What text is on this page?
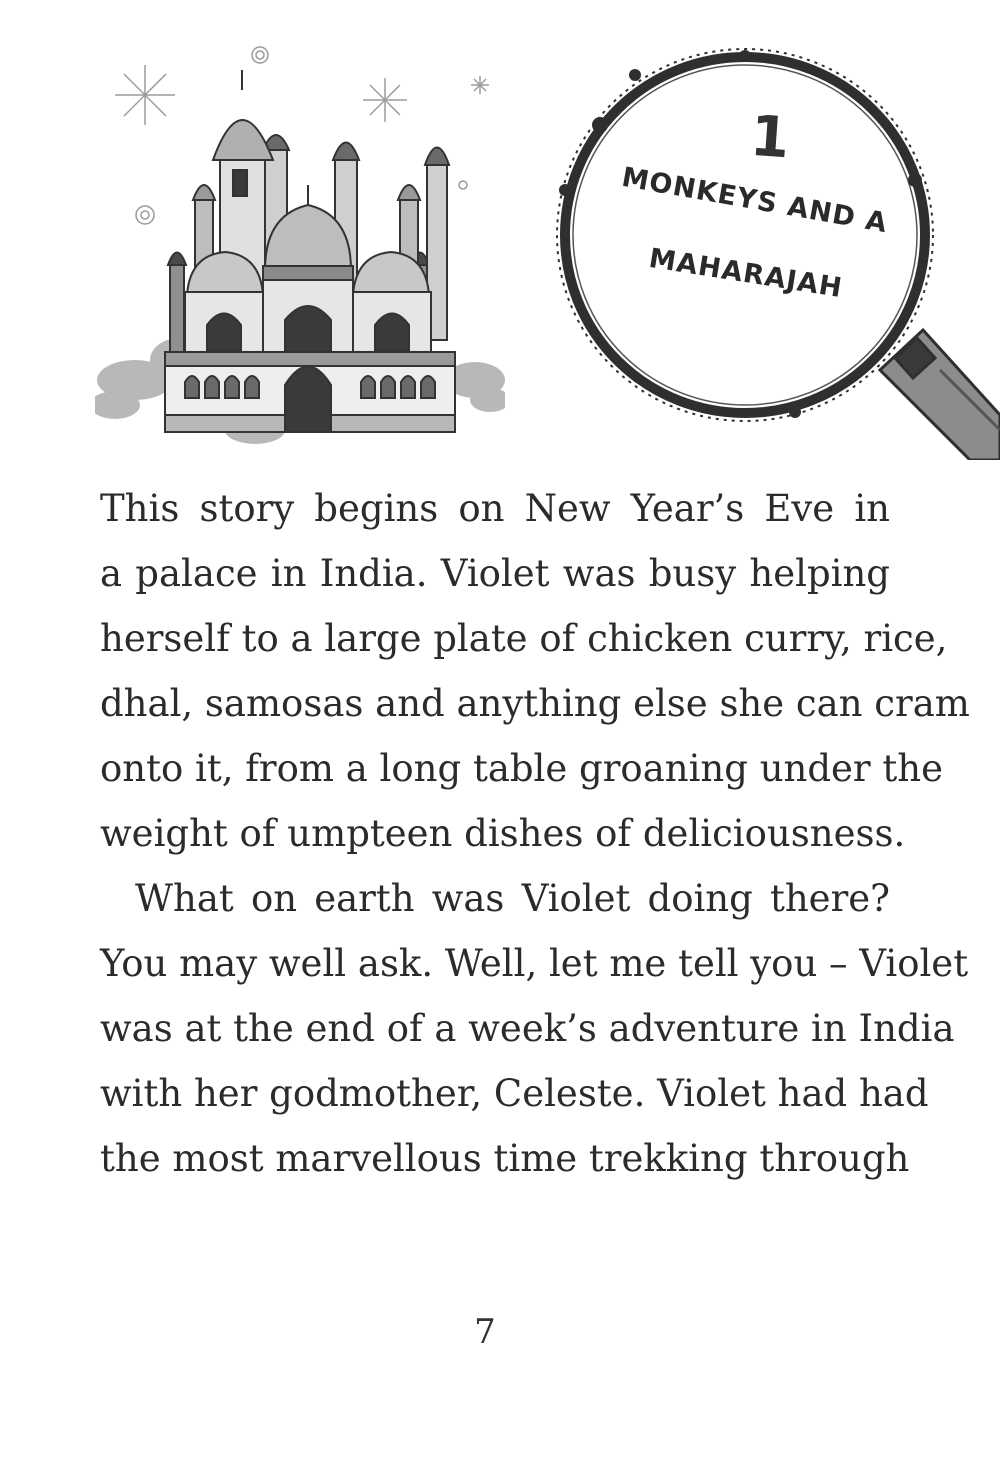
1
MONKEYS AND A
MAHARAJAH
This story begins on New Year’s Eve in
a palace in India. Violet was busy helping
herself to a large plate of chicken curry, rice,
dhal, samosas and anything else she can cram
onto it, from a long table groaning under the
weight of umpteen dishes of deliciousness.
What on earth was Violet doing there?
You may well ask. Well, let me tell you – Violet
was at the end of a week’s adventure in India
with her godmother, Celeste. Violet had had
the most marvellous time trekking through
7
